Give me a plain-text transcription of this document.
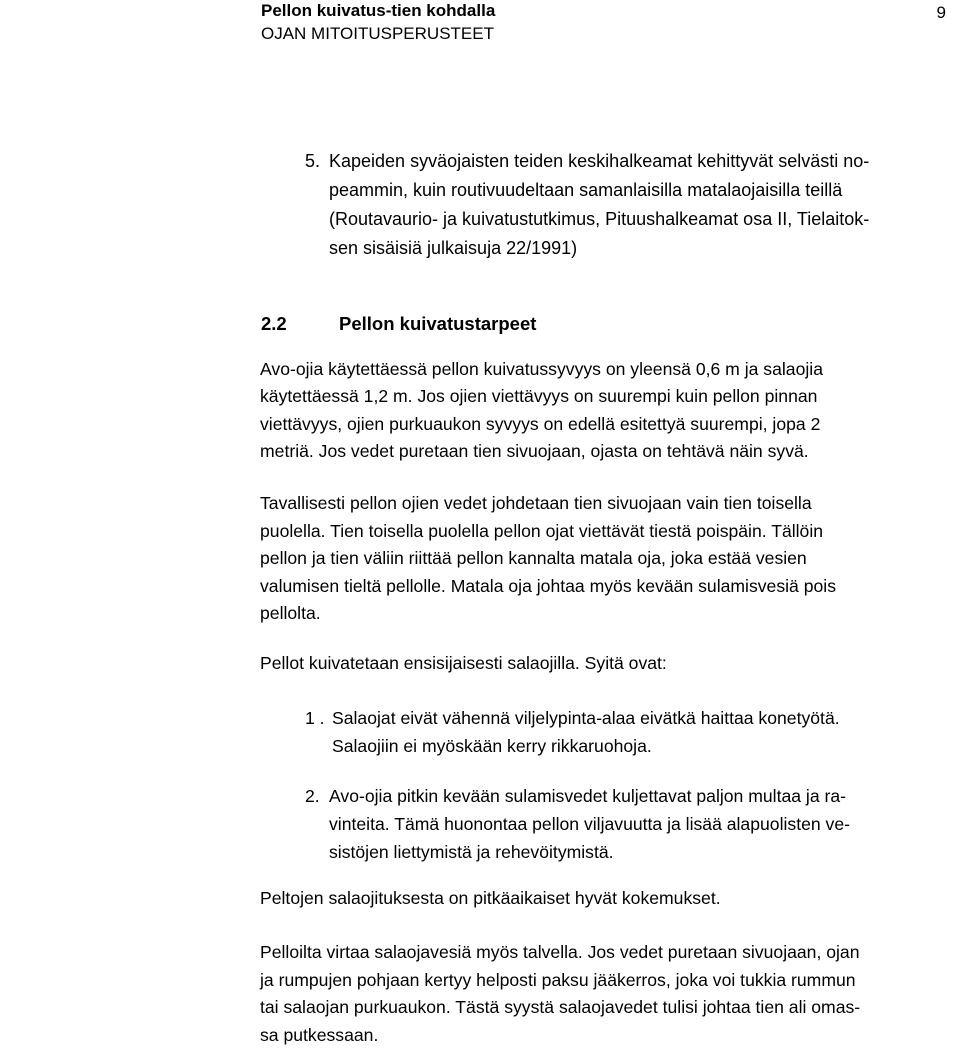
Pellon kuivatus-tien kohdalla
OJAN MITOITUSPERUSTEET
9
5. Kapeiden syväojaisten teiden keskihalkeamat kehittyvät selvästi no-
peammin, kuin routivuudeltaan samanlaisilla matalaojaisilla teillä
(Routavaurio- ja kuivatustutkimus, Pituushalkeamat osa II, Tielaitok-
sen sisäisiä julkaisuja 22/1991)
2.2	Pellon kuivatustarpeet
Avo-ojia käytettäessä pellon kuivatussyvyys on yleensä 0,6 m ja salaojia
käytettäessä 1,2 m. Jos ojien viettävyys on suurempi kuin pellon pinnan
viettävyys, ojien purkuaukon syvyys on edellä esitettyä suurempi, jopa 2
metriä. Jos vedet puretaan tien sivuojaan, ojasta on tehtävä näin syvä.
Tavallisesti pellon ojien vedet johdetaan tien sivuojaan vain tien toisella
puolella. Tien toisella puolella pellon ojat viettävät tiestä poispäin. Tällöin
pellon ja tien väliin riittää pellon kannalta matala oja, joka estää vesien
valumisen tieltä pellolle. Matala oja johtaa myös kevään sulamisvesiä pois
pellolta.
Pellot kuivatetaan ensisijaisesti salaojilla. Syitä ovat:
1 . Salaojat eivät vähennä viljelypinta-alaa eivätkä haittaa konetyötä.
Salaojiin ei myöskään kerry rikkaruohoja.
2. Avo-ojia pitkin kevään sulamisvedet kuljettavat paljon multaa ja ra-
vinteita. Tämä huonontaa pellon viljavuutta ja lisää alapuolisten ve-
sistöjen liettymistä ja rehevöitymistä.
Peltojen salaojituksesta on pitkäaikaiset hyvät kokemukset.
Pelloilta virtaa salaojavesiä myös talvella. Jos vedet puretaan sivuojaan, ojan
ja rumpujen pohjaan kertyy helposti paksu jääkerros, joka voi tukkia rummun
tai salaojan purkuaukon. Tästä syystä salaojavedet tulisi johtaa tien ali omas-
sa putkessaan.
